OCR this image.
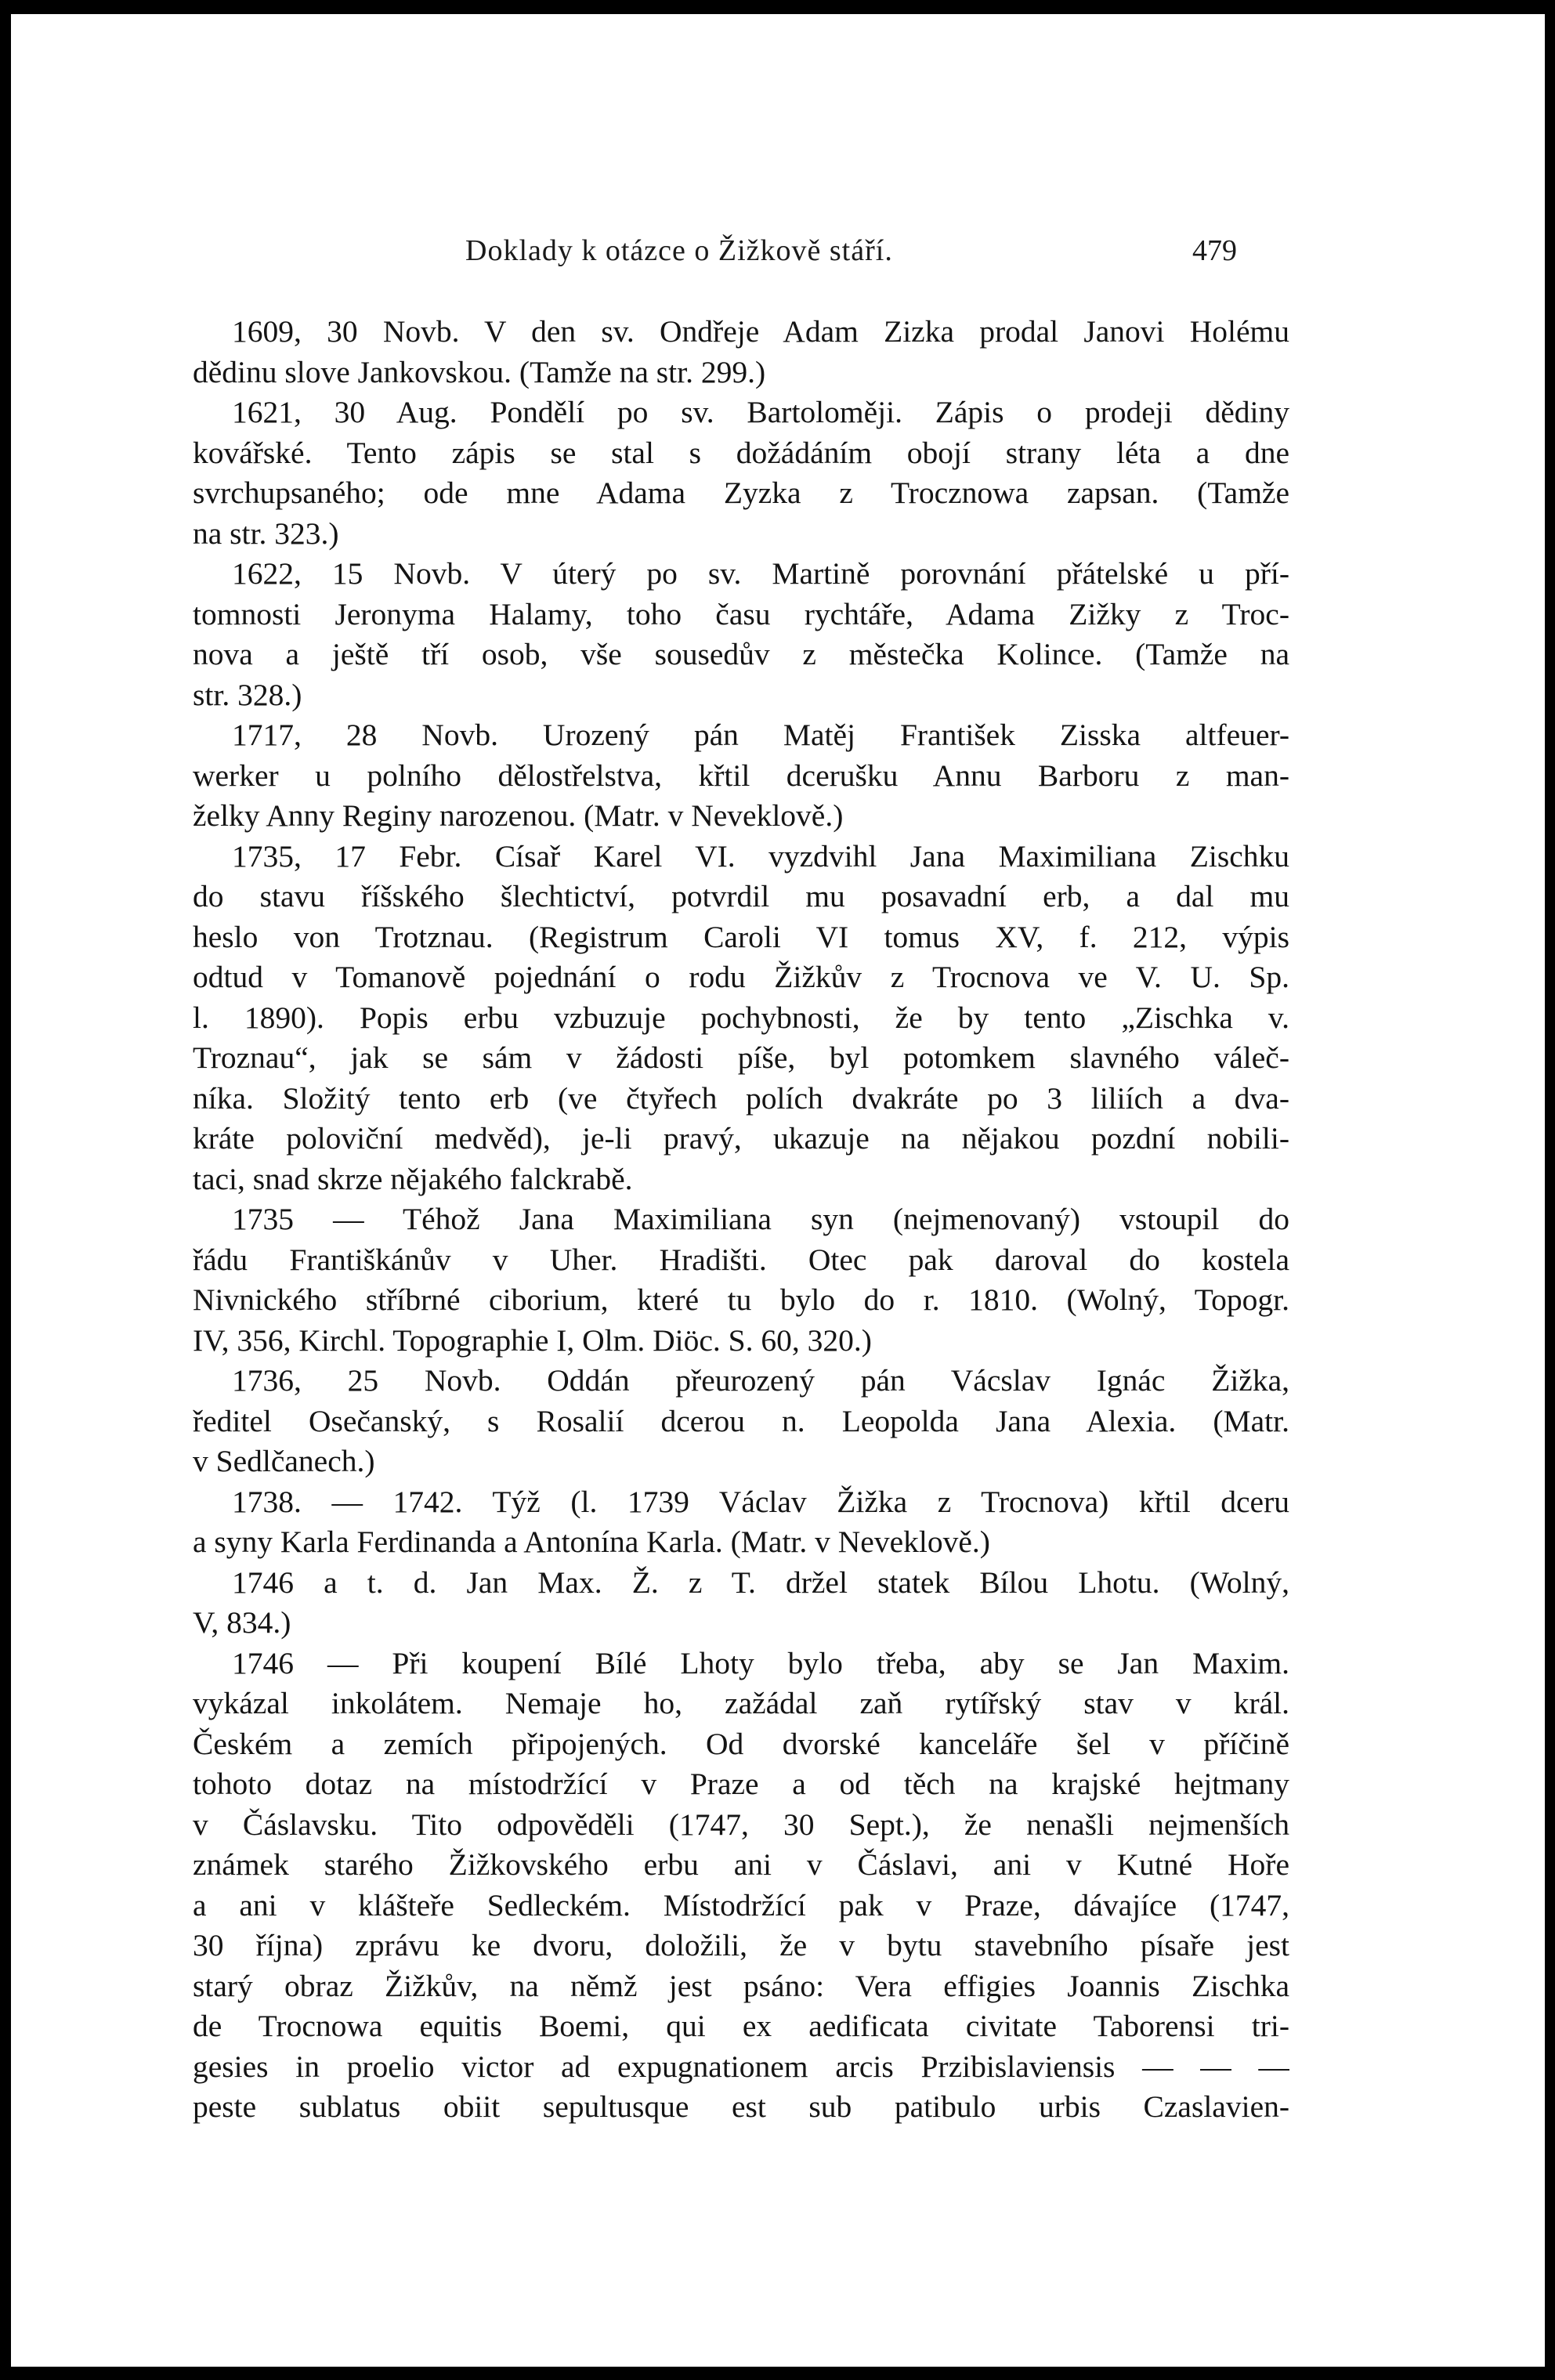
Doklady k otázce o Žižkově stáří.	479
1609, 30 Novb. V den sv. Ondřeje Adam Zizka prodal Janovi Holému
dědinu slove Jankovskou. (Tamže na str. 299.)
1621, 30 Aug. Pondělí po sv. Bartoloměji. Zápis o prodeji dědiny
kovářské. Tento zápis se stal s dožádáním obojí strany léta a dne
svrchupsaného; ode mne Adama Zyzka z Trocznowa zapsan. (Tamže
na str. 323.)
1622, 15 Novb. V úterý po sv. Martině porovnání přátelské u pří-
tomnosti Jeronyma Halamy, toho času rychtáře, Adama Zižky z Troc-
nova a ještě tří osob, vše sousedův z městečka Kolince. (Tamže na
str. 328.)
1717, 28 Novb. Urozený pán Matěj František Zisska altfeuer-
werker u polního dělostřelstva, křtil dcerušku Annu Barboru z man-
želky Anny Reginy narozenou. (Matr. v Neveklově.)
1735, 17 Febr. Císař Karel VI. vyzdvihl Jana Maximiliana Zischku
do stavu říšského šlechtictví, potvrdil mu posavadní erb, a dal mu
heslo von Trotznau. (Registrum Caroli VI tomus XV, f. 212, výpis
odtud v Tomanově pojednání o rodu Žižkův z Trocnova ve V. U. Sp.
l. 1890). Popis erbu vzbuzuje pochybnosti, že by tento „Zischka v.
Troznau“, jak se sám v žádosti píše, byl potomkem slavného váleč-
níka. Složitý tento erb (ve čtyřech polích dvakráte po 3 liliích a dva-
kráte poloviční medvěd), je-li pravý, ukazuje na nějakou pozdní nobili-
taci, snad skrze nějakého falckrabě.
1735 — Téhož Jana Maximiliana syn (nejmenovaný) vstoupil do
řádu Františkánův v Uher. Hradišti. Otec pak daroval do kostela
Nivnického stříbrné ciborium, které tu bylo do r. 1810. (Wolný, Topogr.
IV, 356, Kirchl. Topographie I, Olm. Diöc. S. 60, 320.)
1736, 25 Novb. Oddán přeurozený pán Vácslav Ignác Žižka,
ředitel Osečanský, s Rosalií dcerou n. Leopolda Jana Alexia. (Matr.
v Sedlčanech.)
1738. — 1742. Týž (l. 1739 Václav Žižka z Trocnova) křtil dceru
a syny Karla Ferdinanda a Antonína Karla. (Matr. v Neveklově.)
1746 a t. d. Jan Max. Ž. z T. držel statek Bílou Lhotu. (Wolný,
V, 834.)
1746 — Při koupení Bílé Lhoty bylo třeba, aby se Jan Maxim.
vykázal inkolátem. Nemaje ho, zažádal zaň rytířský stav v král.
Českém a zemích připojených. Od dvorské kanceláře šel v příčině
tohoto dotaz na místodržící v Praze a od těch na krajské hejtmany
v Čáslavsku. Tito odpověděli (1747, 30 Sept.), že nenašli nejmenších
známek starého Žižkovského erbu ani v Čáslavi, ani v Kutné Hoře
a ani v klášteře Sedleckém. Místodržící pak v Praze, dávajíce (1747,
30 října) zprávu ke dvoru, doložili, že v bytu stavebního písaře jest
starý obraz Žižkův, na němž jest psáno: Vera effigies Joannis Zischka
de Trocnowa equitis Boemi, qui ex aedificata civitate Taborensi tri-
gesies in proelio victor ad expugnationem arcis Przibislaviensis — — —
peste sublatus obiit sepultusque est sub patibulo urbis Czaslavien-
